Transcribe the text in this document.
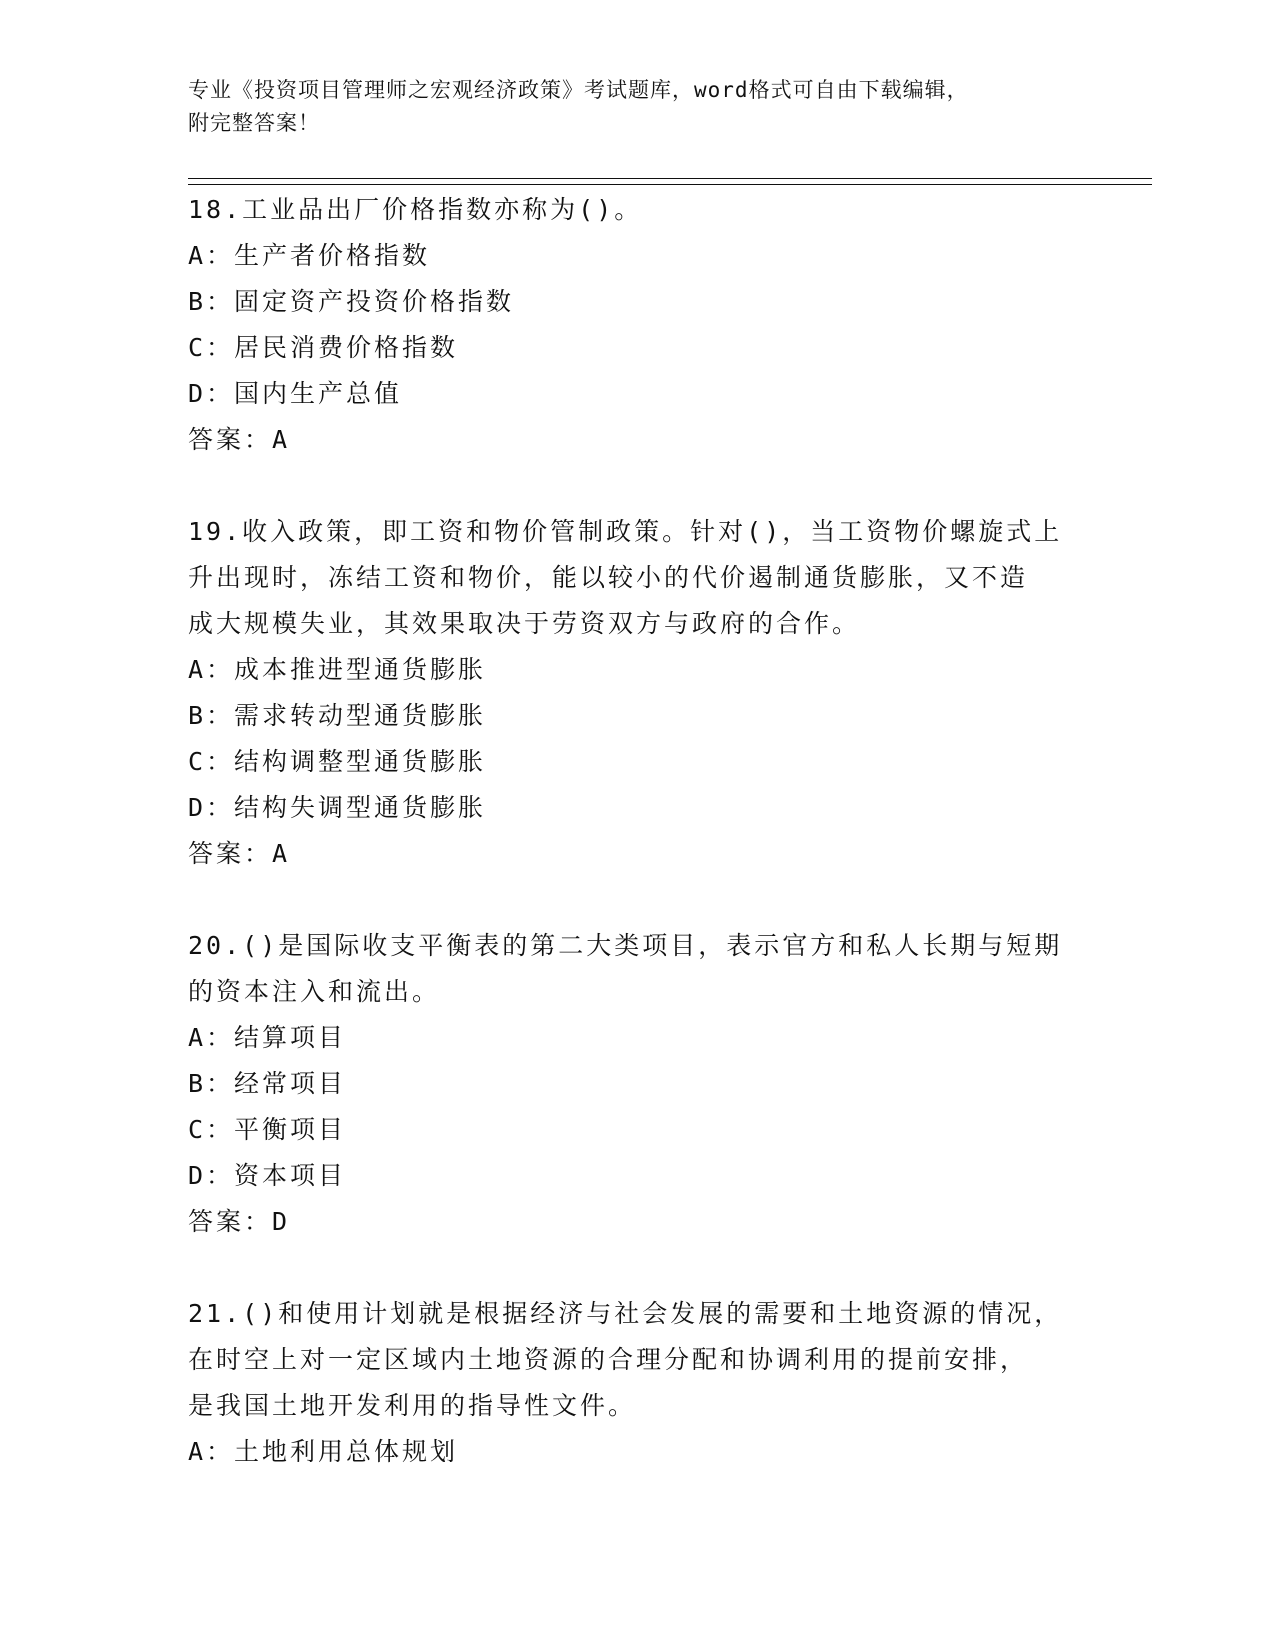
专业《投资项目管理师之宏观经济政策》考试题库，word格式可自由下载编辑，
附完整答案！
18.工业品出厂价格指数亦称为()。
A：生产者价格指数
B：固定资产投资价格指数
C：居民消费价格指数
D：国内生产总值
答案：A
19.收入政策，即工资和物价管制政策。针对()，当工资物价螺旋式上
升出现时，冻结工资和物价，能以较小的代价遏制通货膨胀，又不造
成大规模失业，其效果取决于劳资双方与政府的合作。
A：成本推进型通货膨胀
B：需求转动型通货膨胀
C：结构调整型通货膨胀
D：结构失调型通货膨胀
答案：A
20.()是国际收支平衡表的第二大类项目，表示官方和私人长期与短期
的资本注入和流出。
A：结算项目
B：经常项目
C：平衡项目
D：资本项目
答案：D
21.()和使用计划就是根据经济与社会发展的需要和土地资源的情况，
在时空上对一定区域内土地资源的合理分配和协调利用的提前安排，
是我国土地开发利用的指导性文件。
A：土地利用总体规划
